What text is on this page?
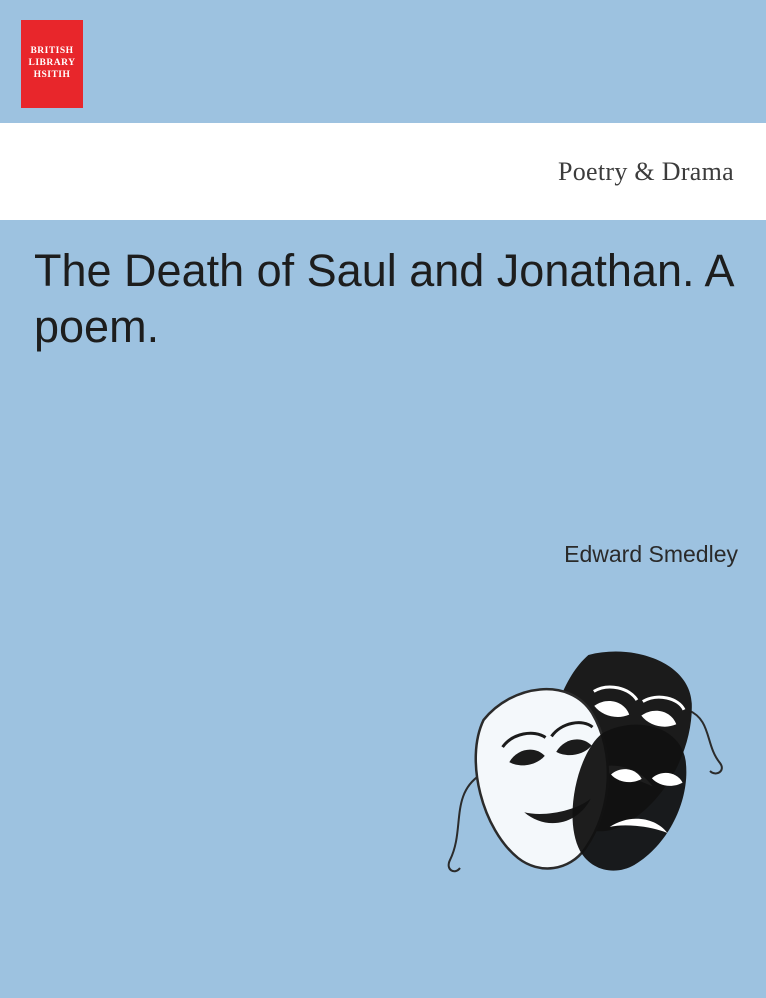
BRITISH
LIBRARY
HSITIH
Poetry & Drama
The Death of Saul and Jonathan. A poem.
Edward Smedley
